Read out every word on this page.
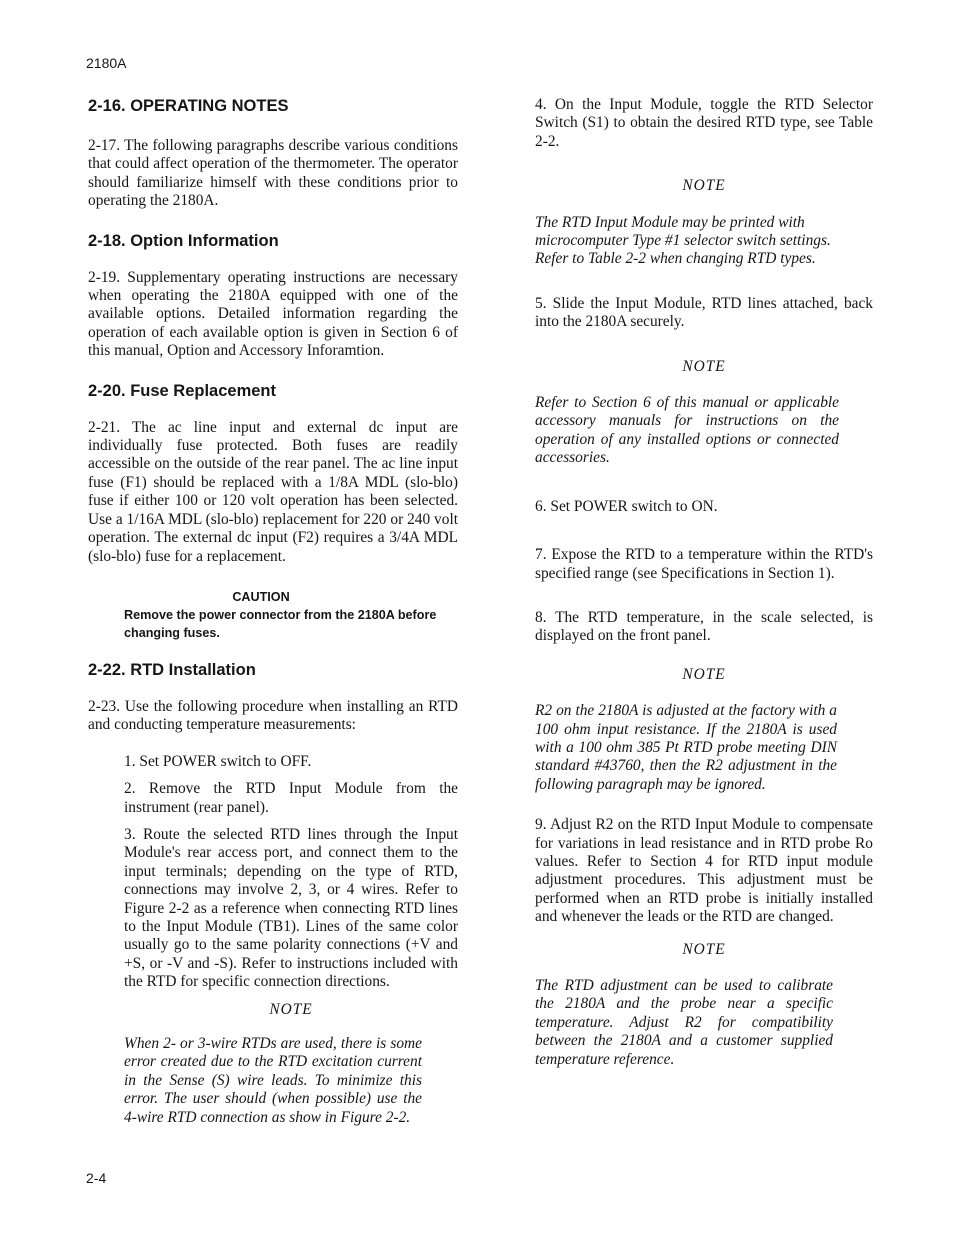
2180A
2-16. OPERATING NOTES

2-17. The following paragraphs describe various conditions that could affect operation of the thermometer. The operator should familiarize himself with these conditions prior to operating the 2180A.

2-18. Option Information

2-19. Supplementary operating instructions are necessary when operating the 2180A equipped with one of the available options. Detailed information regarding the operation of each available option is given in Section 6 of this manual, Option and Accessory Inforamtion.

2-20. Fuse Replacement

2-21. The ac line input and external dc input are individually fuse protected. Both fuses are readily accessible on the outside of the rear panel. The ac line input fuse (F1) should be replaced with a 1/8A MDL (slo-blo) fuse if either 100 or 120 volt operation has been selected. Use a 1/16A MDL (slo-blo) replacement for 220 or 240 volt operation. The external dc input (F2) requires a 3/4A MDL (slo-blo) fuse for a replacement.

CAUTION
Remove the power connector from the 2180A before changing fuses.
2-22. RTD Installation

2-23. Use the following procedure when installing an RTD and conducting temperature measurements:

1. Set POWER switch to OFF.

2. Remove the RTD Input Module from the instrument (rear panel).

3. Route the selected RTD lines through the Input Module's rear access port, and connect them to the input terminals; depending on the type of RTD, connections may involve 2, 3, or 4 wires. Refer to Figure 2-2 as a reference when connecting RTD lines to the Input Module (TB1). Lines of the same color usually go to the same polarity connections (+V and +S, or -V and -S). Refer to instructions included with the RTD for specific connection directions.

NOTE

When 2- or 3-wire RTDs are used, there is some error created due to the RTD excitation current in the Sense (S) wire leads. To minimize this error. The user should (when possible) use the 4-wire RTD connection as show in Figure 2-2.

4. On the Input Module, toggle the RTD Selector Switch (S1) to obtain the desired RTD type, see Table 2-2.

NOTE

The RTD Input Module may be printed with microcomputer Type #1 selector switch settings. Refer to Table 2-2 when changing RTD types.

5. Slide the Input Module, RTD lines attached, back into the 2180A securely.

NOTE

Refer to Section 6 of this manual or applicable accessory manuals for instructions on the operation of any installed options or connected accessories.

6. Set POWER switch to ON.

7. Expose the RTD to a temperature within the RTD's specified range (see Specifications in Section 1).

8. The RTD temperature, in the scale selected, is displayed on the front panel.

NOTE

R2 on the 2180A is adjusted at the factory with a 100 ohm input resistance. If the 2180A is used with a 100 ohm 385 Pt RTD probe meeting DIN standard #43760, then the R2 adjustment in the following paragraph may be ignored.

9. Adjust R2 on the RTD Input Module to compensate for variations in lead resistance and in RTD probe Ro values. Refer to Section 4 for RTD input module adjustment procedures. This adjustment must be performed when an RTD probe is initially installed and whenever the leads or the RTD are changed.

NOTE

The RTD adjustment can be used to calibrate the 2180A and the probe near a specific temperature. Adjust R2 for compatibility between the 2180A and a customer supplied temperature reference.

2-4
